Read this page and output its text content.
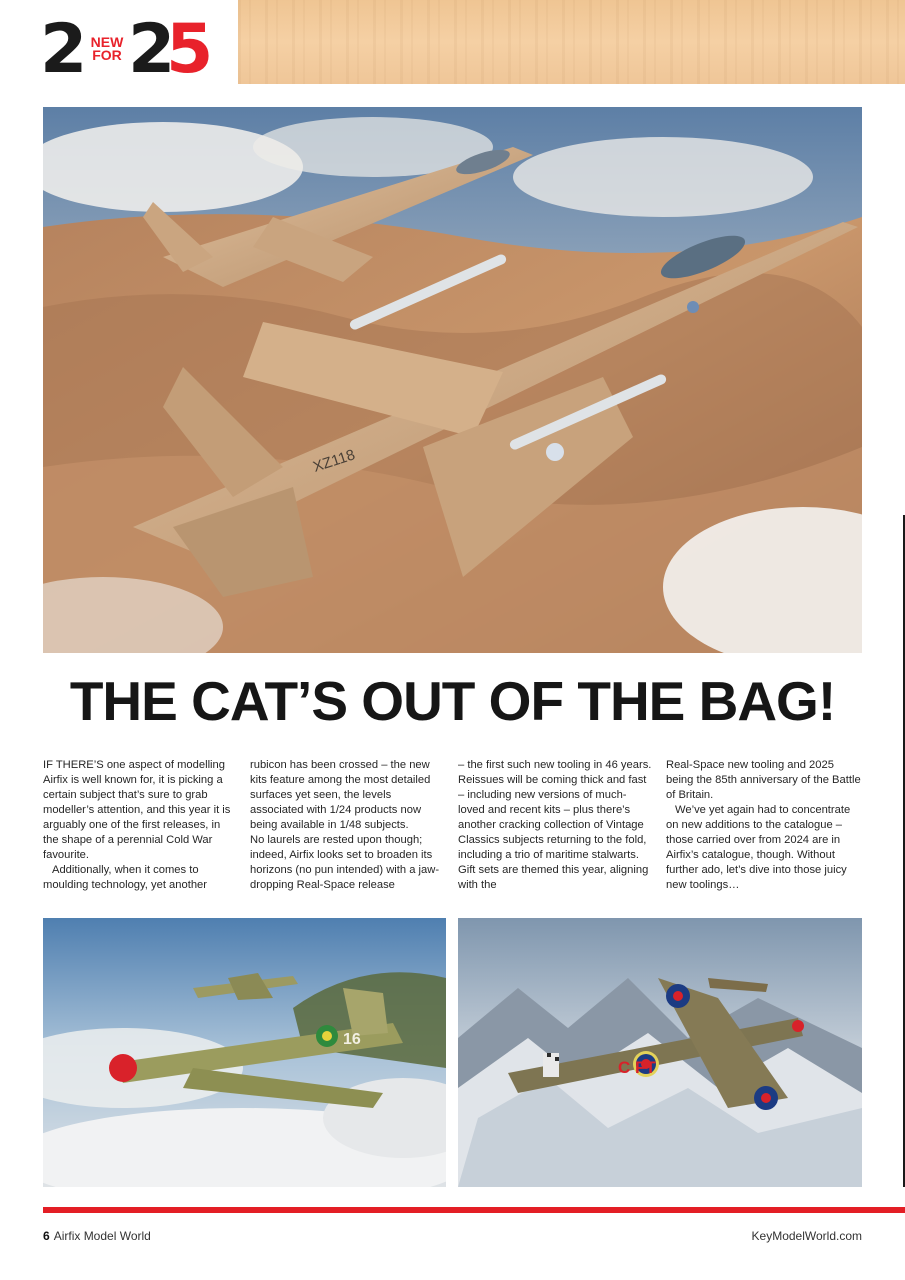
2 NEW
FOR 2
5
XZ118
THE CAT’S OUT OF THE BAG!

IF THERE’S one aspect of modelling Airfix is well known for, it is picking a certain subject that’s sure to grab modeller’s attention, and this year it is arguably one of the first releases, in the shape of a perennial Cold War favourite.

Additionally, when it comes to moulding technology, yet another

rubicon has been crossed – the new kits feature among the most detailed surfaces yet seen, the levels associated with 1/24 products now being available in 1/48 subjects.

No laurels are rested upon though; indeed, Airfix looks set to broaden its horizons (no pun intended) with a jaw-dropping Real-Space release

– the first such new tooling in 46 years. Reissues will be coming thick and fast – including new versions of much-loved and recent kits – plus there’s another cracking collection of Vintage Classics subjects returning to the fold, including a trio of maritime stalwarts. Gift sets are themed this year, aligning with the

Real-Space new tooling and 2025 being the 85th anniversary of the Battle of Britain.

We’ve yet again had to concentrate on new additions to the catalogue – those carried over from 2024 are in Airfix’s catalogue, though. Without further ado, let’s dive into those juicy new toolings…

16
C FT
6 Airfix Model World	KeyModelWorld.com
